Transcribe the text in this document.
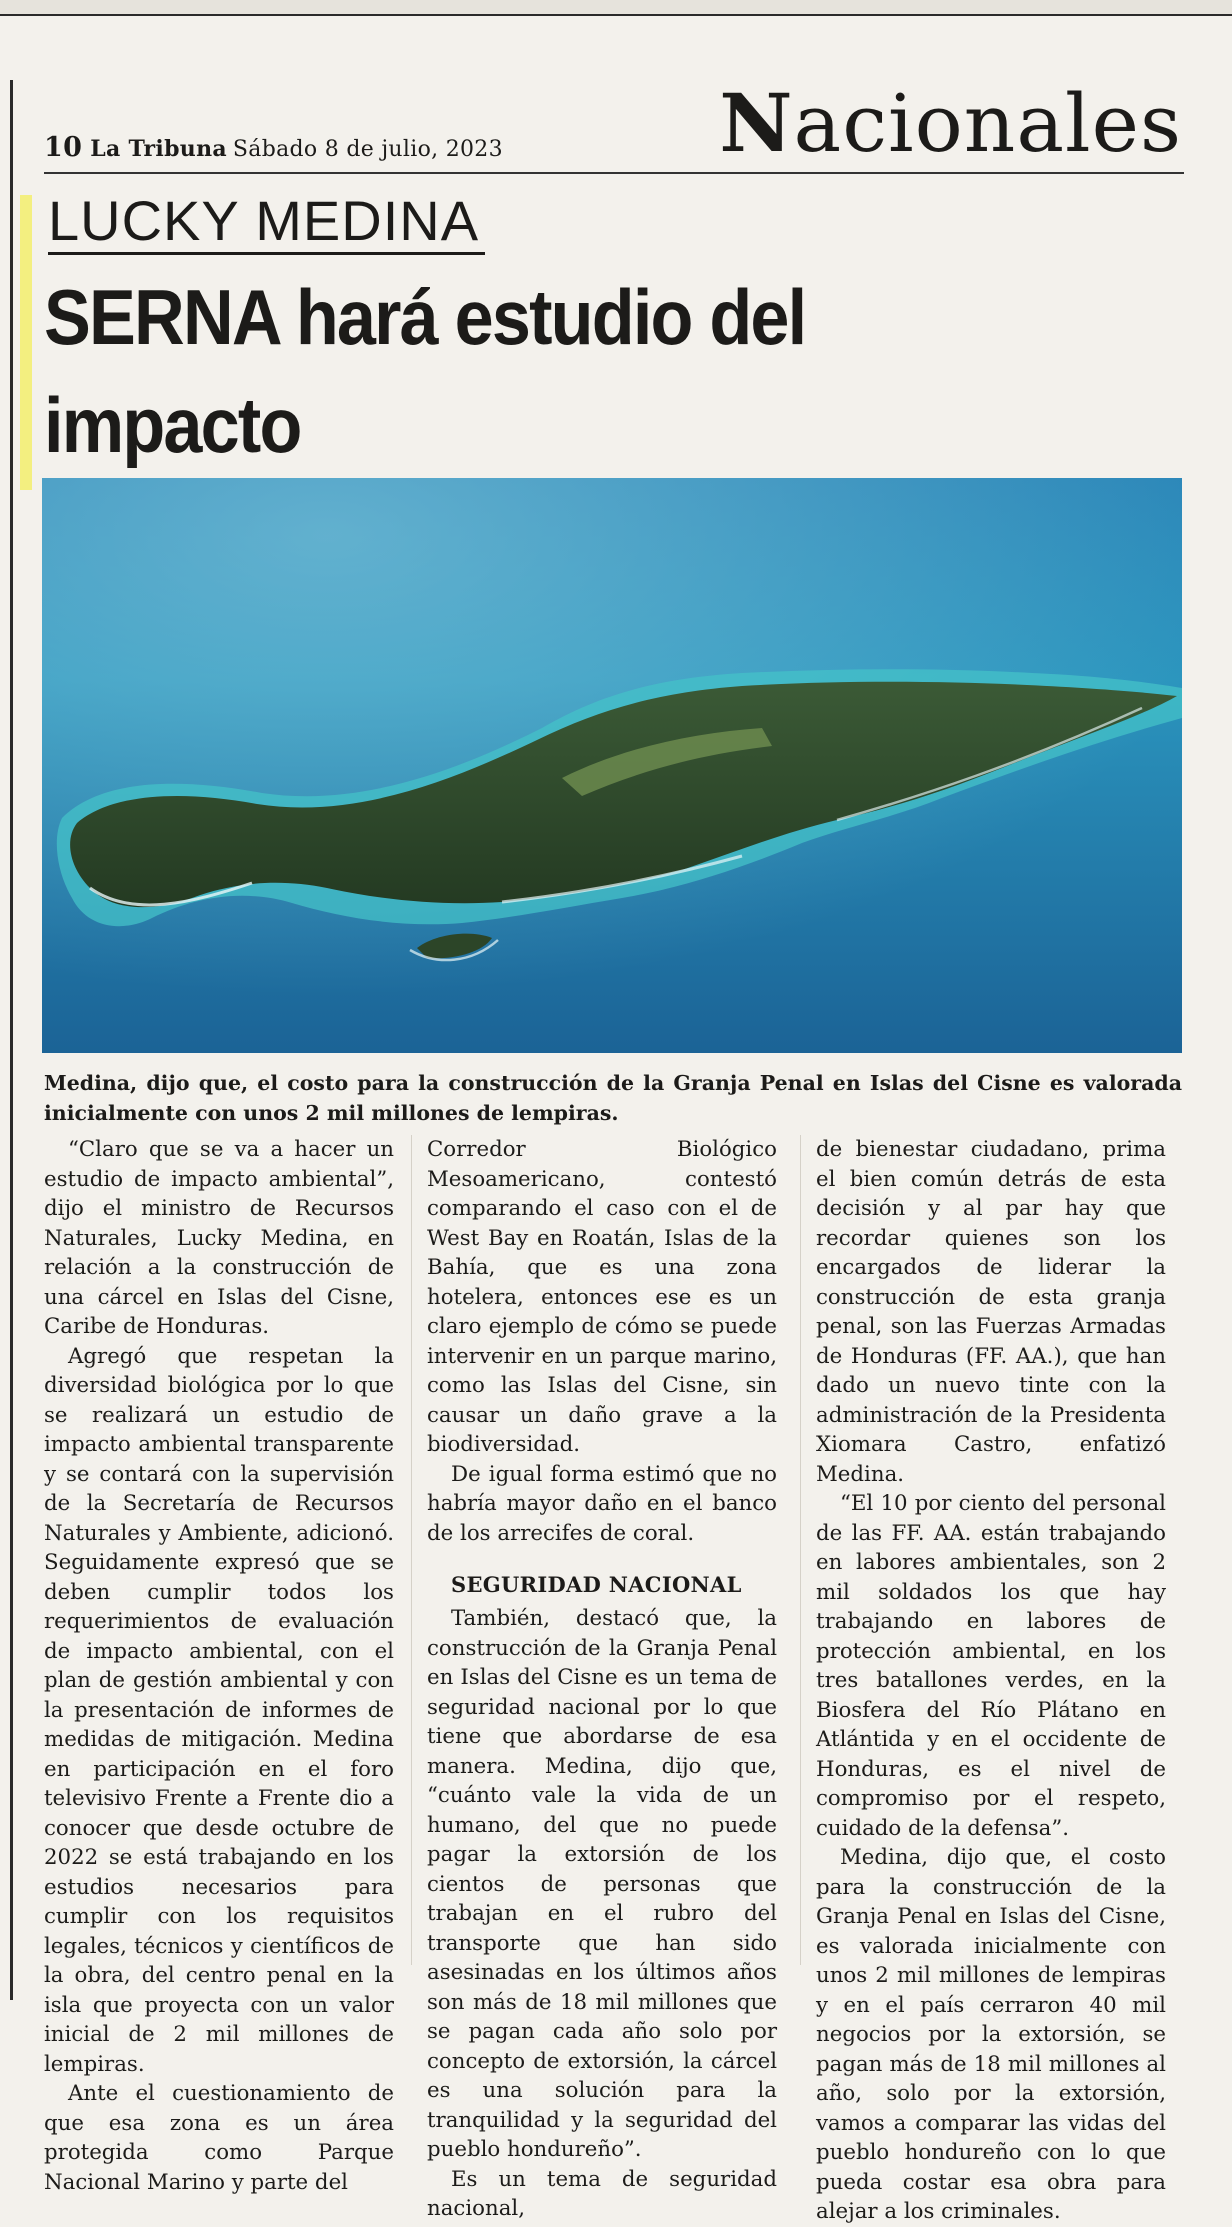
10 La Tribuna Sábado 8 de julio, 2023	Nacionales
LUCKY MEDINA
SERNA hará estudio del impacto
Medina, dijo que, el costo para la construcción de la Granja Penal en Islas del Cisne es valorada inicialmente con unos 2 mil millones de lempiras.

“Claro que se va a hacer un estudio de impacto ambiental”, dijo el ministro de Recursos Naturales, Lucky Medina, en relación a la construcción de una cárcel en Islas del Cisne, Caribe de Honduras.

Agregó que respetan la diversidad biológica por lo que se realizará un estudio de impacto ambiental transparente y se contará con la supervisión de la Secretaría de Recursos Naturales y Ambiente, adicionó. Seguidamente expresó que se deben cumplir todos los requerimientos de evaluación de impacto ambiental, con el plan de gestión ambiental y con la presentación de informes de medidas de mitigación. Medina en participación en el foro televisivo Frente a Frente dio a conocer que desde octubre de 2022 se está trabajando en los estudios necesarios para cumplir con los requisitos legales, técnicos y científicos de la obra, del centro penal en la isla que proyecta con un valor inicial de 2 mil millones de lempiras.

Ante el cuestionamiento de que esa zona es un área protegida como Parque Nacional Marino y parte del

Corredor Biológico Mesoamericano, contestó comparando el caso con el de West Bay en Roatán, Islas de la Bahía, que es una zona hotelera, entonces ese es un claro ejemplo de cómo se puede intervenir en un parque marino, como las Islas del Cisne, sin causar un daño grave a la biodiversidad.

De igual forma estimó que no habría mayor daño en el banco de los arrecifes de coral.

SEGURIDAD NACIONAL

También, destacó que, la construcción de la Granja Penal en Islas del Cisne es un tema de seguridad nacional por lo que tiene que abordarse de esa manera. Medina, dijo que, “cuánto vale la vida de un humano, del que no puede pagar la extorsión de los cientos de personas que trabajan en el rubro del transporte que han sido asesinadas en los últimos años son más de 18 mil millones que se pagan cada año solo por concepto de extorsión, la cárcel es una solución para la tranquilidad y la seguridad del pueblo hondureño”.

Es un tema de seguridad nacional,

de bienestar ciudadano, prima el bien común detrás de esta decisión y al par hay que recordar quienes son los encargados de liderar la construcción de esta granja penal, son las Fuerzas Armadas de Honduras (FF. AA.), que han dado un nuevo tinte con la administración de la Presidenta Xiomara Castro, enfatizó Medina.

“El 10 por ciento del personal de las FF. AA. están trabajando en labores ambientales, son 2 mil soldados los que hay trabajando en labores de protección ambiental, en los tres batallones verdes, en la Biosfera del Río Plátano en Atlántida y en el occidente de Honduras, es el nivel de compromiso por el respeto, cuidado de la defensa”.

Medina, dijo que, el costo para la construcción de la Granja Penal en Islas del Cisne, es valorada inicialmente con unos 2 mil millones de lempiras y en el país cerraron 40 mil negocios por la extorsión, se pagan más de 18 mil millones al año, solo por la extorsión, vamos a comparar las vidas del pueblo hondureño con lo que pueda costar esa obra para alejar a los criminales.
